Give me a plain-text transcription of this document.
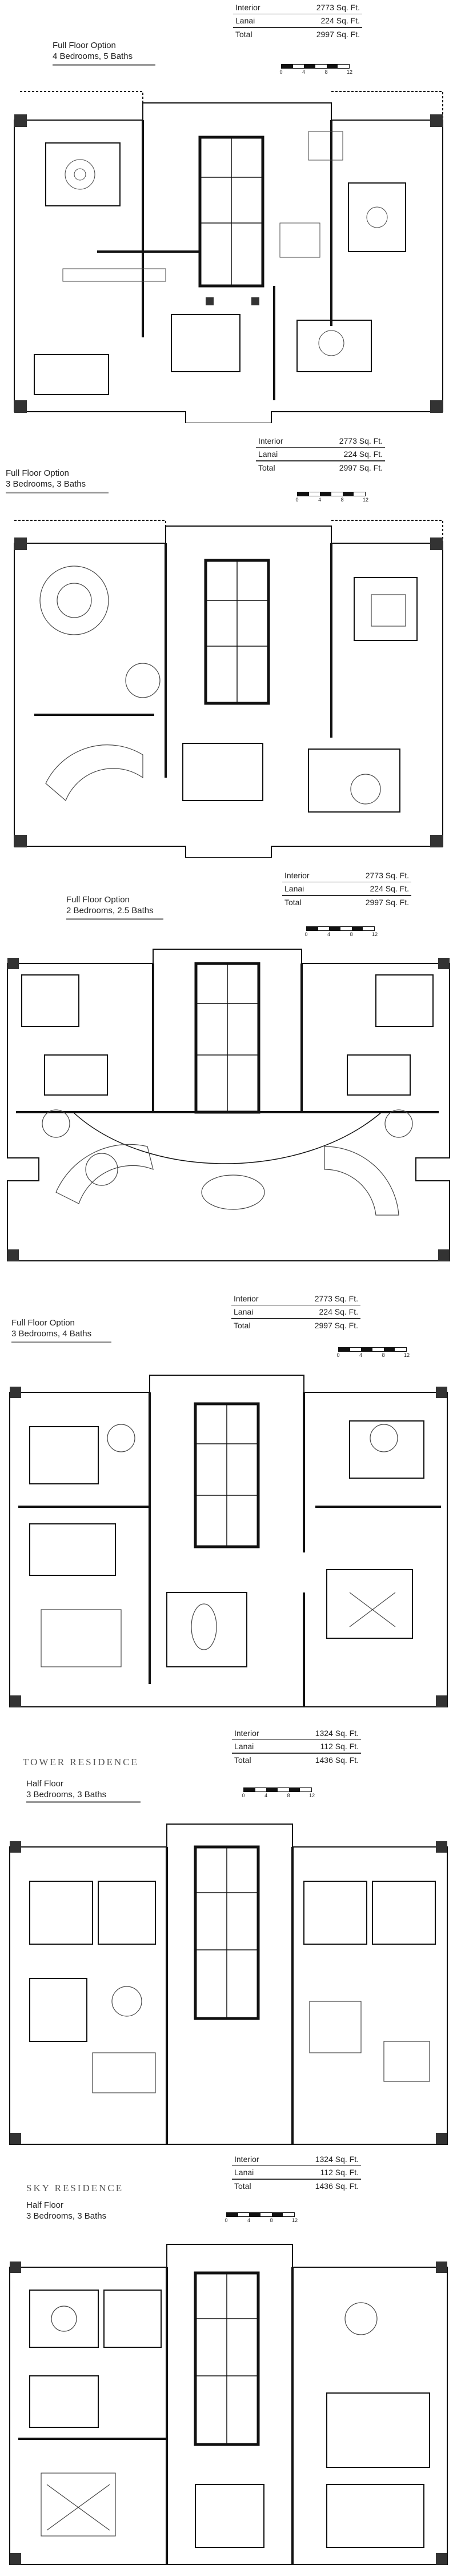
Full Floor Option
4 Bedrooms, 5 Baths
Interior	2773 Sq. Ft.
Lanai	224 Sq. Ft.
Total	2997 Sq. Ft.
0	4	8	12
Full Floor Option
3 Bedrooms, 3 Baths
Interior	2773 Sq. Ft.
Lanai	224 Sq. Ft.
Total	2997 Sq. Ft.
0	4	8	12
Full Floor Option
2 Bedrooms, 2.5 Baths
Interior	2773 Sq. Ft.
Lanai	224 Sq. Ft.
Total	2997 Sq. Ft.
0	4	8	12
Full Floor Option
3 Bedrooms, 4 Baths
Interior	2773 Sq. Ft.
Lanai	224 Sq. Ft.
Total	2997 Sq. Ft.
0	4	8	12
TOWER RESIDENCE
Half Floor
3 Bedrooms, 3 Baths
Interior	1324 Sq. Ft.
Lanai	112 Sq. Ft.
Total	1436 Sq. Ft.
0	4	8	12
SKY RESIDENCE
Half Floor
3 Bedrooms, 3 Baths
Interior	1324 Sq. Ft.
Lanai	112 Sq. Ft.
Total	1436 Sq. Ft.
0	4	8	12
